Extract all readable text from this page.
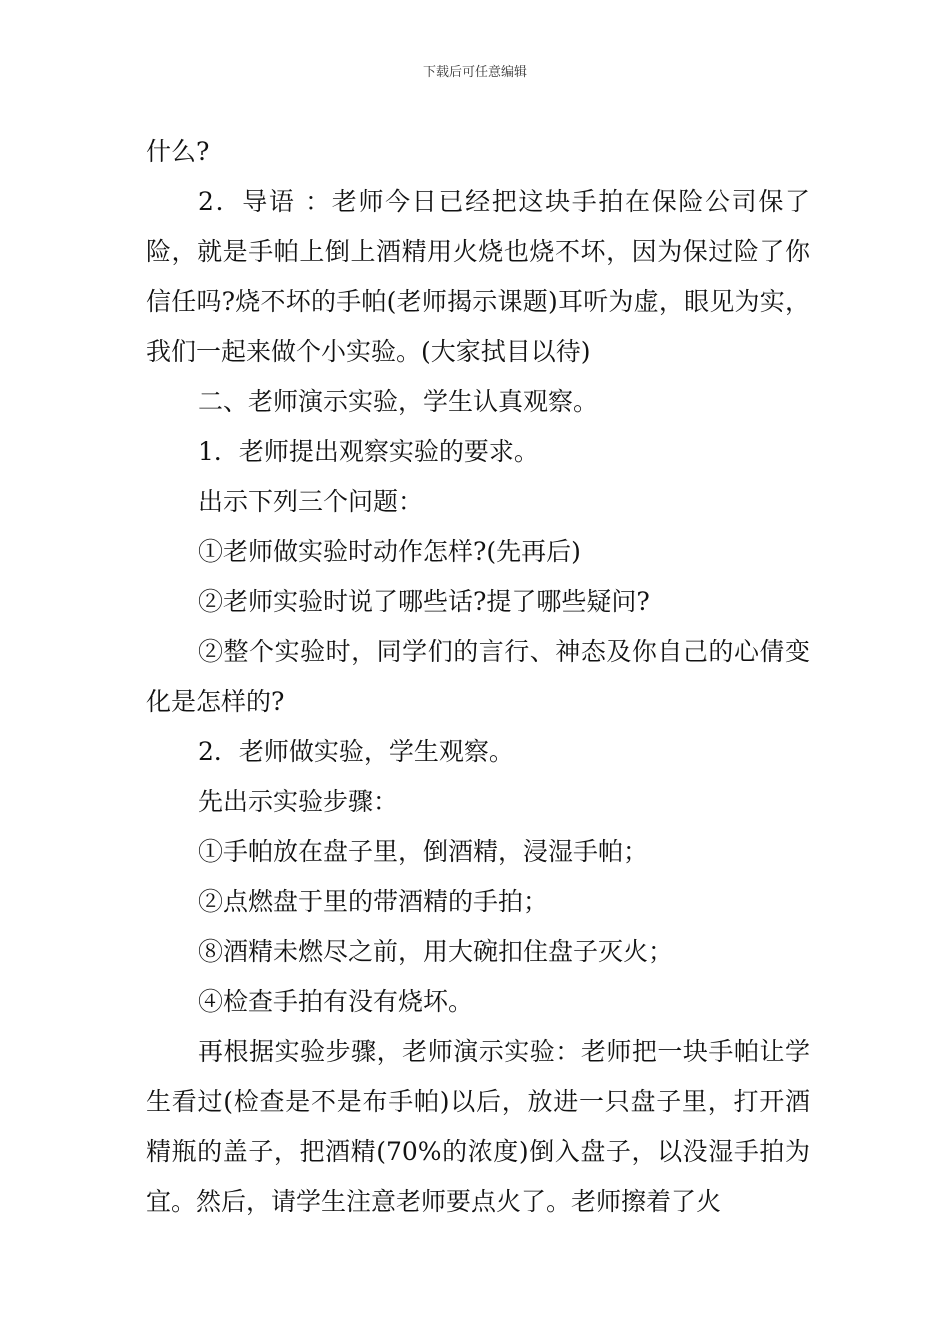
下载后可任意编辑

什么?

2．导语 ：老师今日已经把这块手拍在保险公司保了险，就是手帕上倒上酒精用火烧也烧不坏，因为保过险了你信任吗?烧不坏的手帕(老师揭示课题)耳听为虚，眼见为实，我们一起来做个小实验。(大家拭目以待)

二、老师演示实验，学生认真观察。

1．老师提出观察实验的要求。

出示下列三个问题：

①老师做实验时动作怎样?(先再后)

②老师实验时说了哪些话?提了哪些疑问?

②整个实验时，同学们的言行、神态及你自己的心倩变化是怎样的?

2．老师做实验，学生观察。

先出示实验步骤：

①手帕放在盘子里，倒酒精，浸湿手帕；

②点燃盘于里的带酒精的手拍；

⑧酒精未燃尽之前，用大碗扣住盘子灭火；

④检查手拍有没有烧坏。

再根据实验步骤，老师演示实验：老师把一块手帕让学生看过(检查是不是布手帕)以后，放进一只盘子里，打开酒精瓶的盖子，把酒精(70%的浓度)倒入盘子，以没湿手拍为宜。然后，请学生注意老师要点火了。老师擦着了火
